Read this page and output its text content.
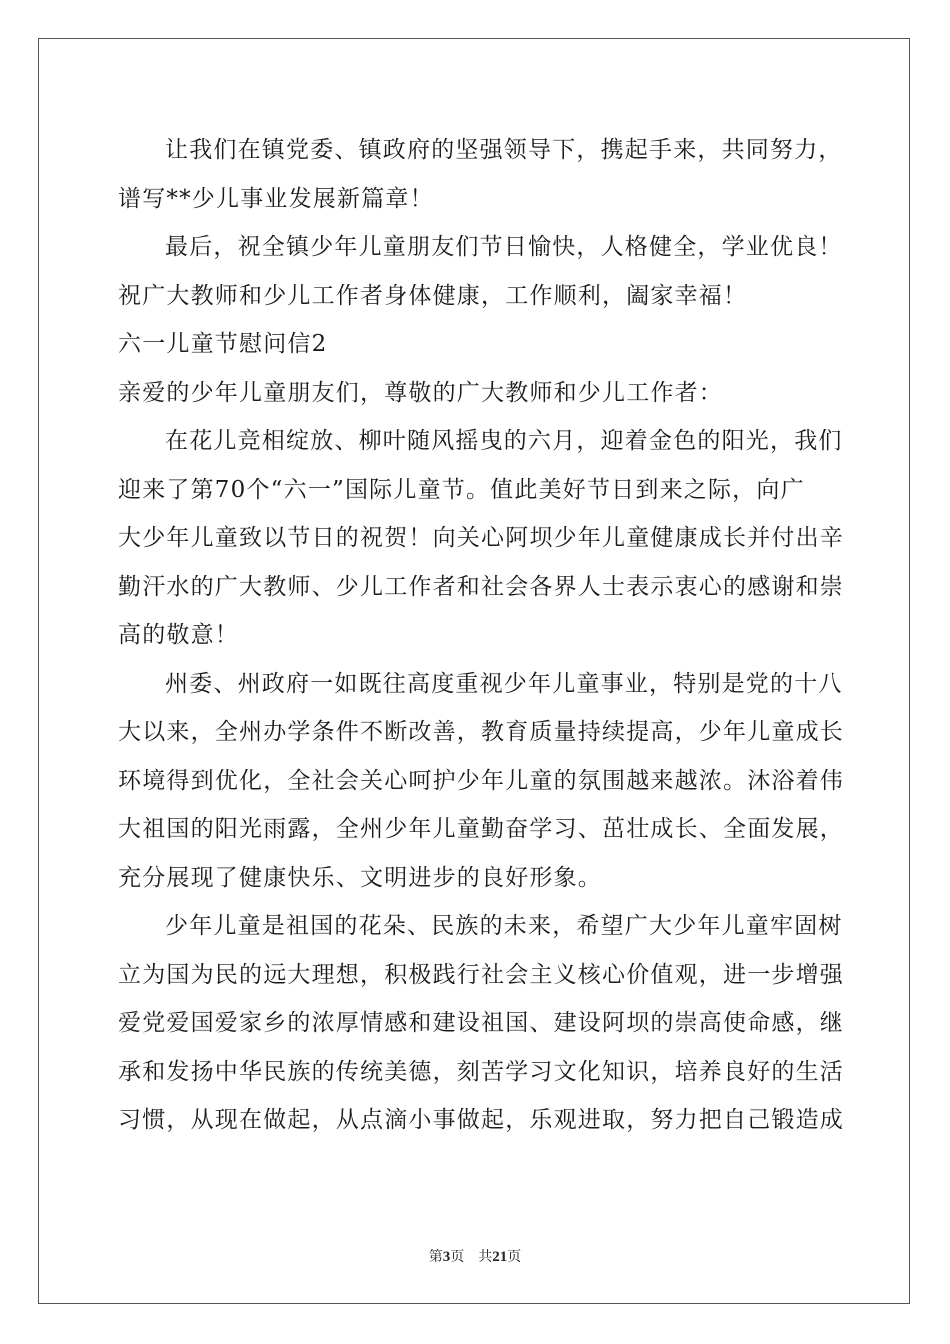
让我们在镇党委、镇政府的坚强领导下，携起手来，共同努力，
谱写**少儿事业发展新篇章！
最后，祝全镇少年儿童朋友们节日愉快，人格健全，学业优良！
祝广大教师和少儿工作者身体健康，工作顺利，阖家幸福！
六一儿童节慰问信2
亲爱的少年儿童朋友们，尊敬的广大教师和少儿工作者：
在花儿竞相绽放、柳叶随风摇曳的六月，迎着金色的阳光，我们
迎来了第70个“六一”国际儿童节。值此美好节日到来之际，向广
大少年儿童致以节日的祝贺！向关心阿坝少年儿童健康成长并付出辛
勤汗水的广大教师、少儿工作者和社会各界人士表示衷心的感谢和崇
高的敬意！
州委、州政府一如既往高度重视少年儿童事业，特别是党的十八
大以来，全州办学条件不断改善，教育质量持续提高，少年儿童成长
环境得到优化，全社会关心呵护少年儿童的氛围越来越浓。沐浴着伟
大祖国的阳光雨露，全州少年儿童勤奋学习、茁壮成长、全面发展，
充分展现了健康快乐、文明进步的良好形象。
少年儿童是祖国的花朵、民族的未来，希望广大少年儿童牢固树
立为国为民的远大理想，积极践行社会主义核心价值观，进一步增强
爱党爱国爱家乡的浓厚情感和建设祖国、建设阿坝的崇高使命感，继
承和发扬中华民族的传统美德，刻苦学习文化知识，培养良好的生活
习惯，从现在做起，从点滴小事做起，乐观进取，努力把自己锻造成
第3页 共21页
